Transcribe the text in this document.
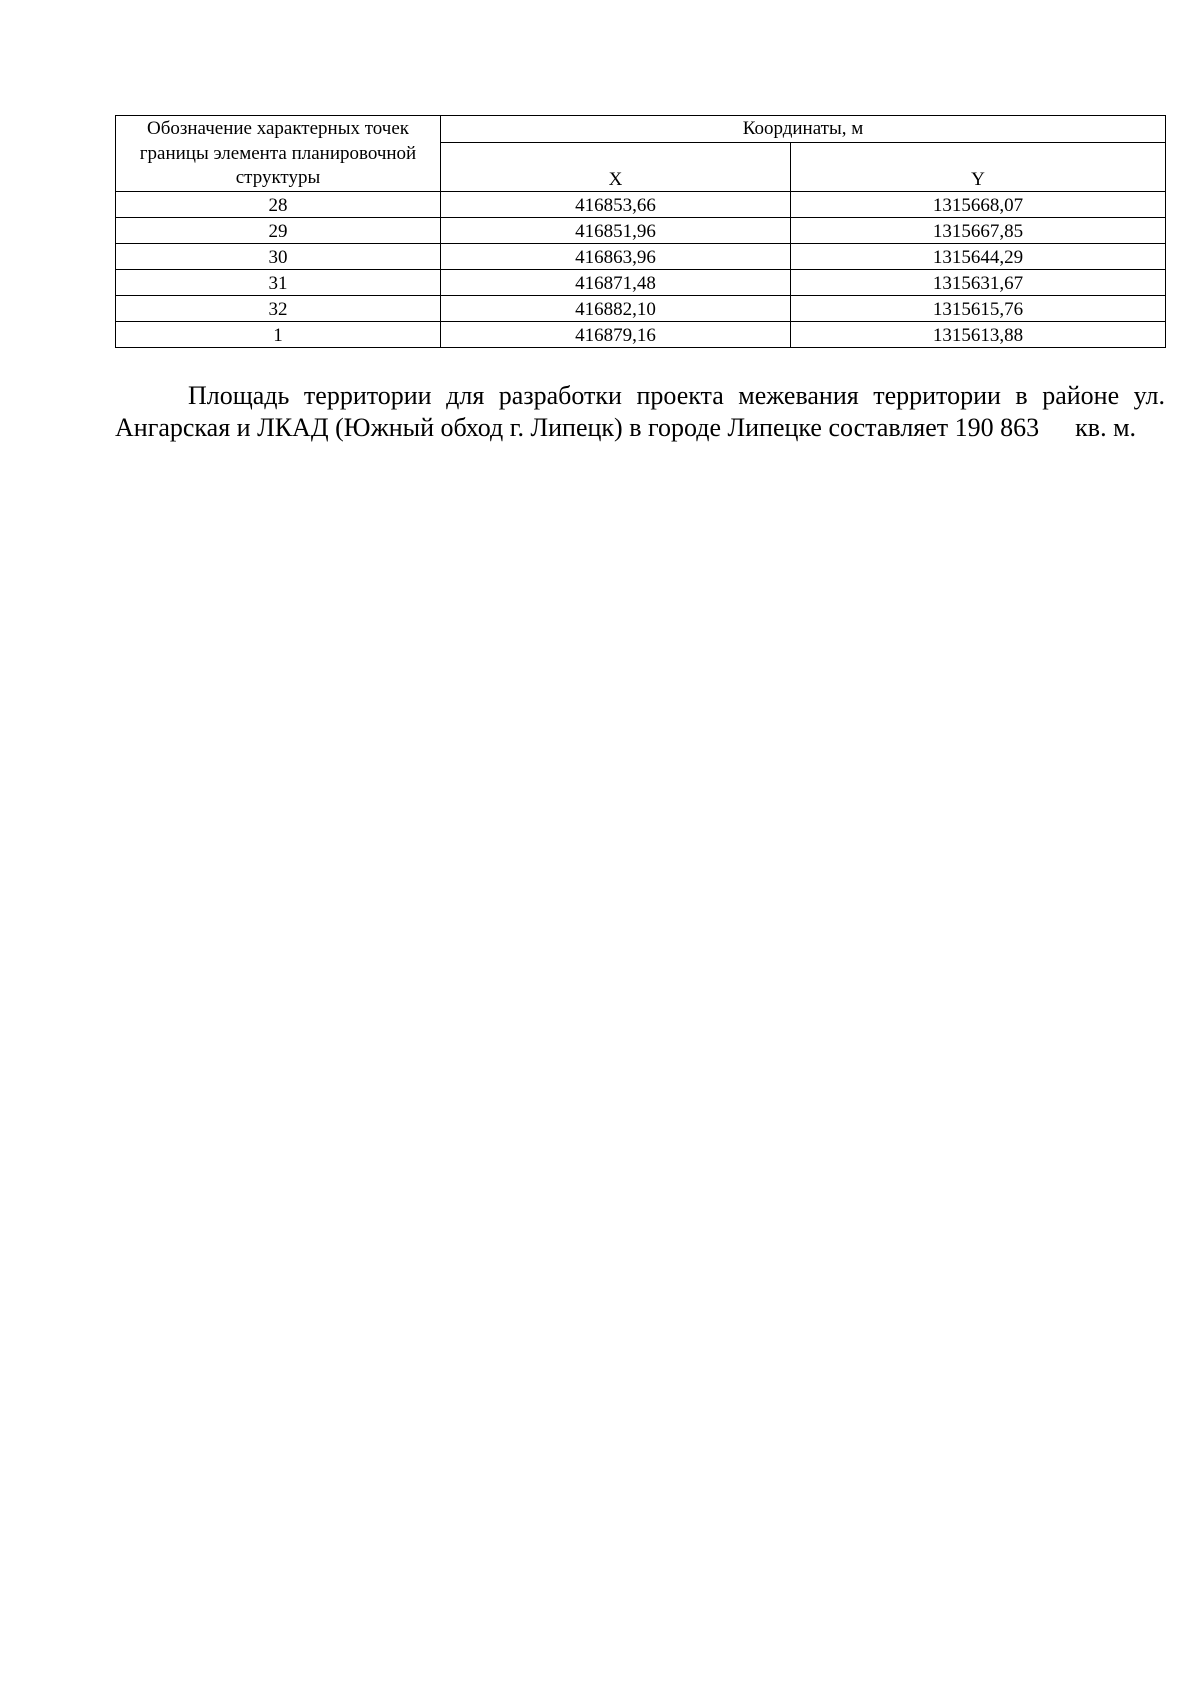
Обозначение характерных точек границы элемента планировочной структуры	Координаты, м	
	X	Y
28	416853,66	1315668,07
29	416851,96	1315667,85
30	416863,96	1315644,29
31	416871,48	1315631,67
32	416882,10	1315615,76
1	416879,16	1315613,88

Площадь территории для разработки проекта межевания территории в районе ул. Ангарская и ЛКАД (Южный обход г. Липецк) в городе Липецке составляет 190 863 кв. м.
